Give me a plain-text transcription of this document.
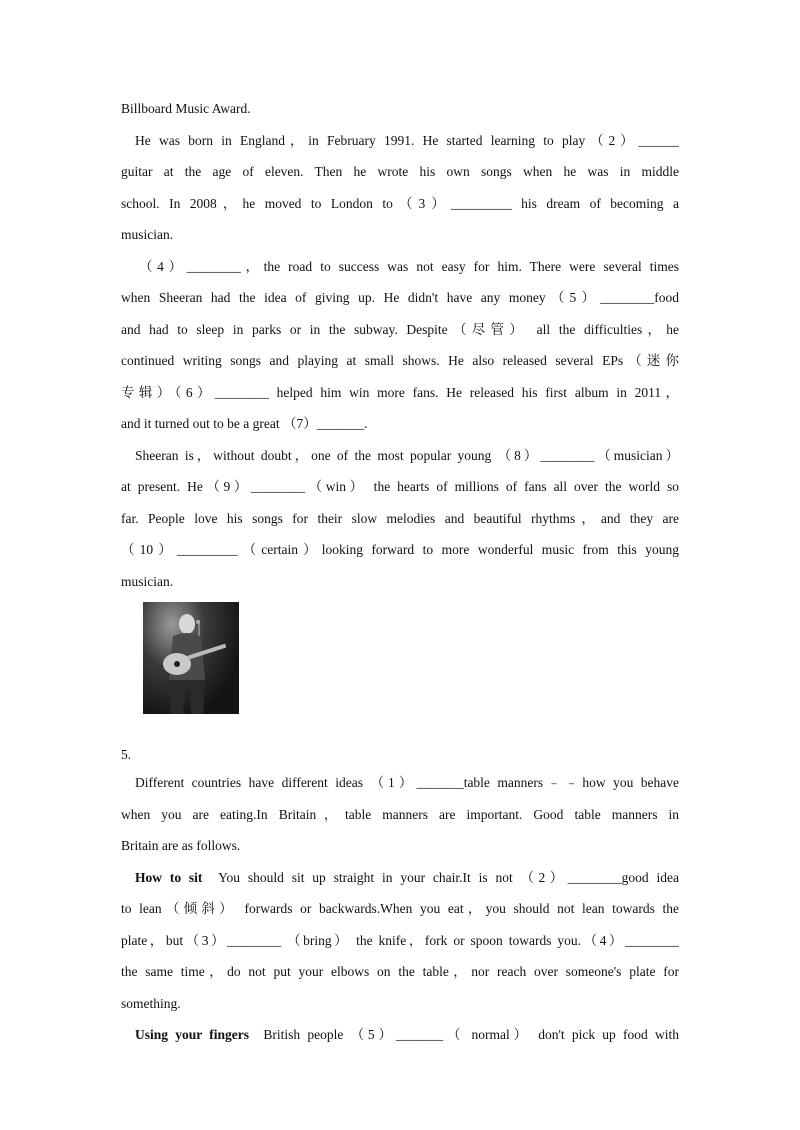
Billboard Music Award.
He was born in England，in February 1991. He started learning to play（2）______
guitar at the age of eleven. Then he wrote his own songs when he was in middle
school. In 2008，he moved to London to（3）_________ his dream of becoming a
musician.
（4）________，the road to success was not easy for him. There were several times
when Sheeran had the idea of giving up. He didn't have any money（5）________food
and had to sleep in parks or in the subway. Despite（尽管） all the difficulties，he
continued writing songs and playing at small shows. He also released several EPs（迷你
专辑）（6）________ helped him win more fans. He released his first album in 2011，
and it turned out to be a great （7）_______.
Sheeran is，without doubt，one of the most popular young （8）________（musician）
at present. He（9）________（win） the hearts of millions of fans all over the world so
far. People love his songs for their slow melodies and beautiful rhythms，and they are
（10）_________（certain）looking forward to more wonderful music from this young
musician.
5.
Different countries have different ideas （1）_______table manners﹣﹣how you behave
when you are eating.In Britain，table manners are important. Good table manners in
Britain are as follows.
How to sit You should sit up straight in your chair.It is not （2）________good idea
to lean（倾斜） forwards or backwards.When you eat，you should not lean towards the
plate，but（3）________ （bring） the knife，fork or spoon towards you.（4）________
the same time，do not put your elbows on the table，nor reach over someone's plate for
something.
Using your fingers British people （5）_______（ normal） don't pick up food with
